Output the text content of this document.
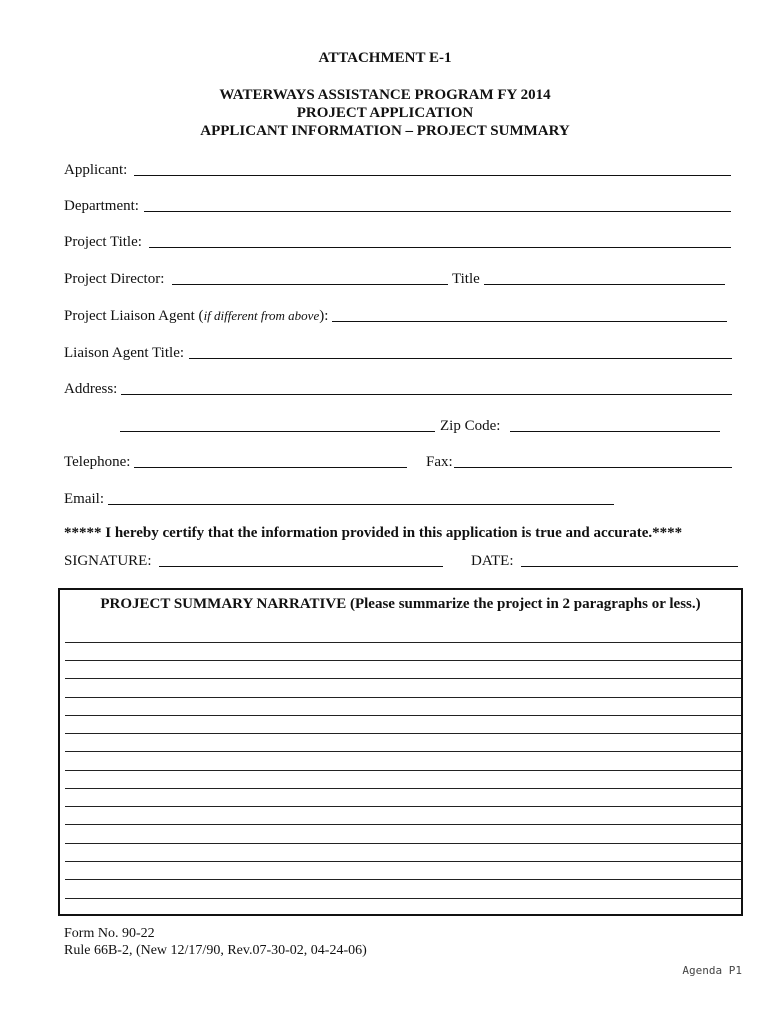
ATTACHMENT E-1
WATERWAYS ASSISTANCE PROGRAM FY 2014
PROJECT APPLICATION
APPLICANT INFORMATION – PROJECT SUMMARY
Applicant:
Department:
Project Title:
Project Director:	Title
Project Liaison Agent (if different from above):
Liaison Agent Title:
Address:
Zip Code:
Telephone:	Fax:
Email:
***** I hereby certify that the information provided in this application is true and accurate.****
SIGNATURE:	DATE:
PROJECT SUMMARY NARRATIVE (Please summarize the project in 2 paragraphs or less.)
Form No. 90-22
Rule 66B-2, (New 12/17/90, Rev.07-30-02, 04-24-06)
Agenda P1
